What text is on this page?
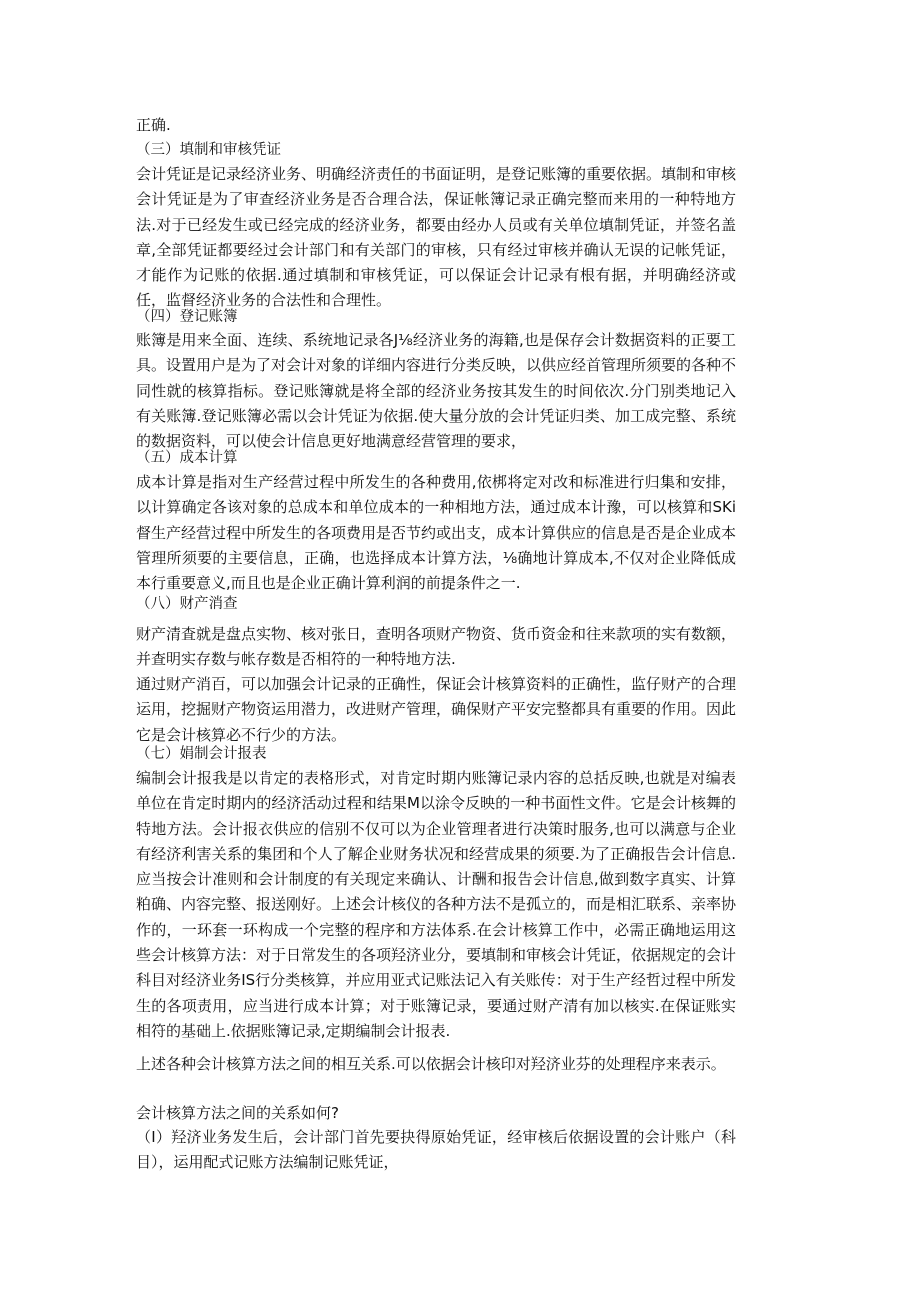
正确.

（三）填制和审核凭证

会计凭证是记录经济业务、明确经济责任的书面证明，是登记账簿的重要依据。填制和审核会计凭证是为了审查经济业务是否合理合法，保证帐簿记录正确完整而来用的一种特地方法.对于已经发生或已经完成的经济业务，都要由经办人员或有关单位填制凭证，并签名盖章,全部凭证都要经过会计部门和有关部门的审核，只有经过审核并确认无误的记帐凭证，才能作为记账的依据.通过填制和审核凭证，可以保证会计记录有根有据，并明确经济或任，监督经济业务的合法性和合理性。

（四）登记账簿

账簿是用来全面、连续、系统地记录各J⅛经济业务的海籍,也是保存会计数据资料的正要工具。设置用户是为了对会计对象的详细内容进行分类反映，以供应经首管理所须要的各种不同性就的核算指标。登记账簿就是将全部的经济业务按其发生的时间依次.分门别类地记入有关账簿.登记账簿必需以会计凭证为依据.使大量分放的会计凭证归类、加工成完整、系统的数据资料，可以使会计信息更好地满意经营管理的要求，

（五）成本计算

成本计算是指对生产经营过程中所发生的各种费用,依梆将定对改和标准进行归集和安排，以计算确定各该对象的总成本和单位成本的一种相地方法，通过成本计豫，可以核算和SKi督生产经营过程中所发生的各项费用是否节约或出支，成本计算供应的信息是否是企业成本管理所须要的主要信息，正确，也选择成本计算方法，⅛确地计算成本,不仅对企业降低成本行重要意义,而且也是企业正确计算利润的前提条件之一.

（八）财产消查

财产清査就是盘点实物、核对张日，查明各项财产物资、货币资金和往来款项的实有数额，并查明实存数与帐存数是否相符的一种特地方法.

通过财产消百，可以加强会计记录的正确性，保证会计核算资料的正确性，监仔财产的合理运用，挖掘财产物资运用潜力，改进财产管理，确保财产平安完整都具有重要的作用。因此它是会计核算必不行少的方法。

（七）娟制会计报表

编制会计报我是以肯定的表格形式，对肯定时期内账簿记录内容的总括反映,也就是对编表单位在肯定时期内的经济活动过程和结果M以涂令反映的一种书面性文件。它是会计核舞的特地方法。会计报衣供应的信别不仅可以为企业管理者进行决策时服务,也可以满意与企业有经济利害关系的集团和个人了解企业财务状况和经营成果的须要.为了正确报告会计信息.应当按会计准则和会计制度的有关现定来确认、计酬和报告会计信息,做到数字真实、计算粕确、内容完整、报送刚好。上述会计核仪的各种方法不是孤立的，而是相汇联系、亲率协作的，一环套一环构成一个完整的程序和方法体系.在会计核算工作中，必需正确地运用这些会计核算方法：对于日常发生的各项羟济业分，要填制和审核会计凭证，依据规定的会计科目对经济业务IS行分类核算，并应用亚式记账法记入有关账传：对于生产经哲过程中所发生的各项责用，应当进行成本计算；对于账簿记录，要通过财产清有加以核实.在保证账实相符的基础上.依据账簿记录,定期编制会计报表.

上述各种会计核算方法之间的相互关系.可以依据会计核印对羟济业芬的处理程序来表示。

会计核算方法之间的关系如何?

（I）羟济业务发生后，会计部门首先要抉得原始凭证，经审核后依据设置的会计账户（科目），运用配式记账方法编制记账凭证，
